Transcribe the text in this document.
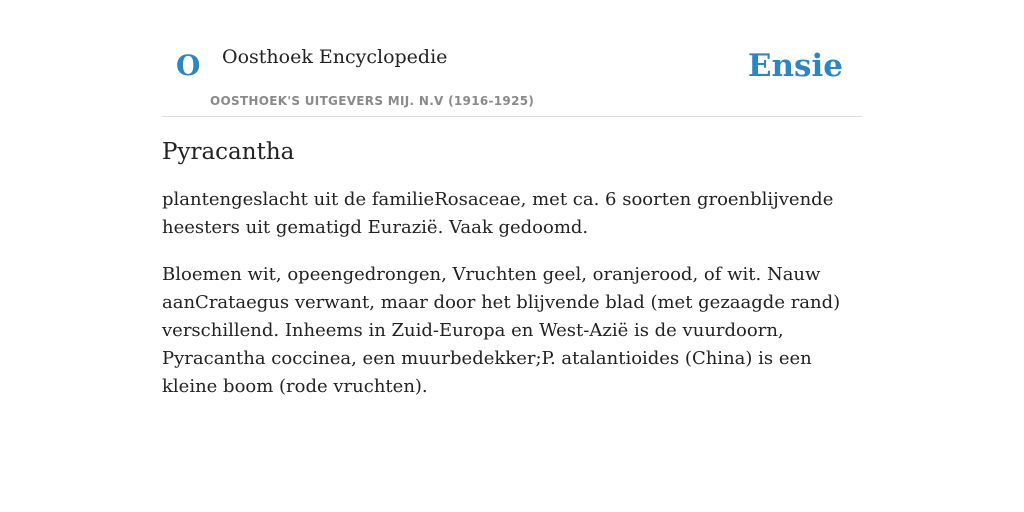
O Oosthoek Encyclopedie
OOSTHOEK'S UITGEVERS MIJ. N.V (1916-1925)
Ensie
Pyracantha

plantengeslacht uit de familieRosaceae, met ca. 6 soorten groenblijvende heesters uit gematigd Eurazië. Vaak gedoomd.

Bloemen wit, opeengedrongen, Vruchten geel, oranjerood, of wit. Nauw aanCrataegus verwant, maar door het blijvende blad (met gezaagde rand) verschillend. Inheems in Zuid-Europa en West-Azië is de vuurdoorn, Pyracantha coccinea, een muurbedekker;P. atalantioides (China) is een kleine boom (rode vruchten).
